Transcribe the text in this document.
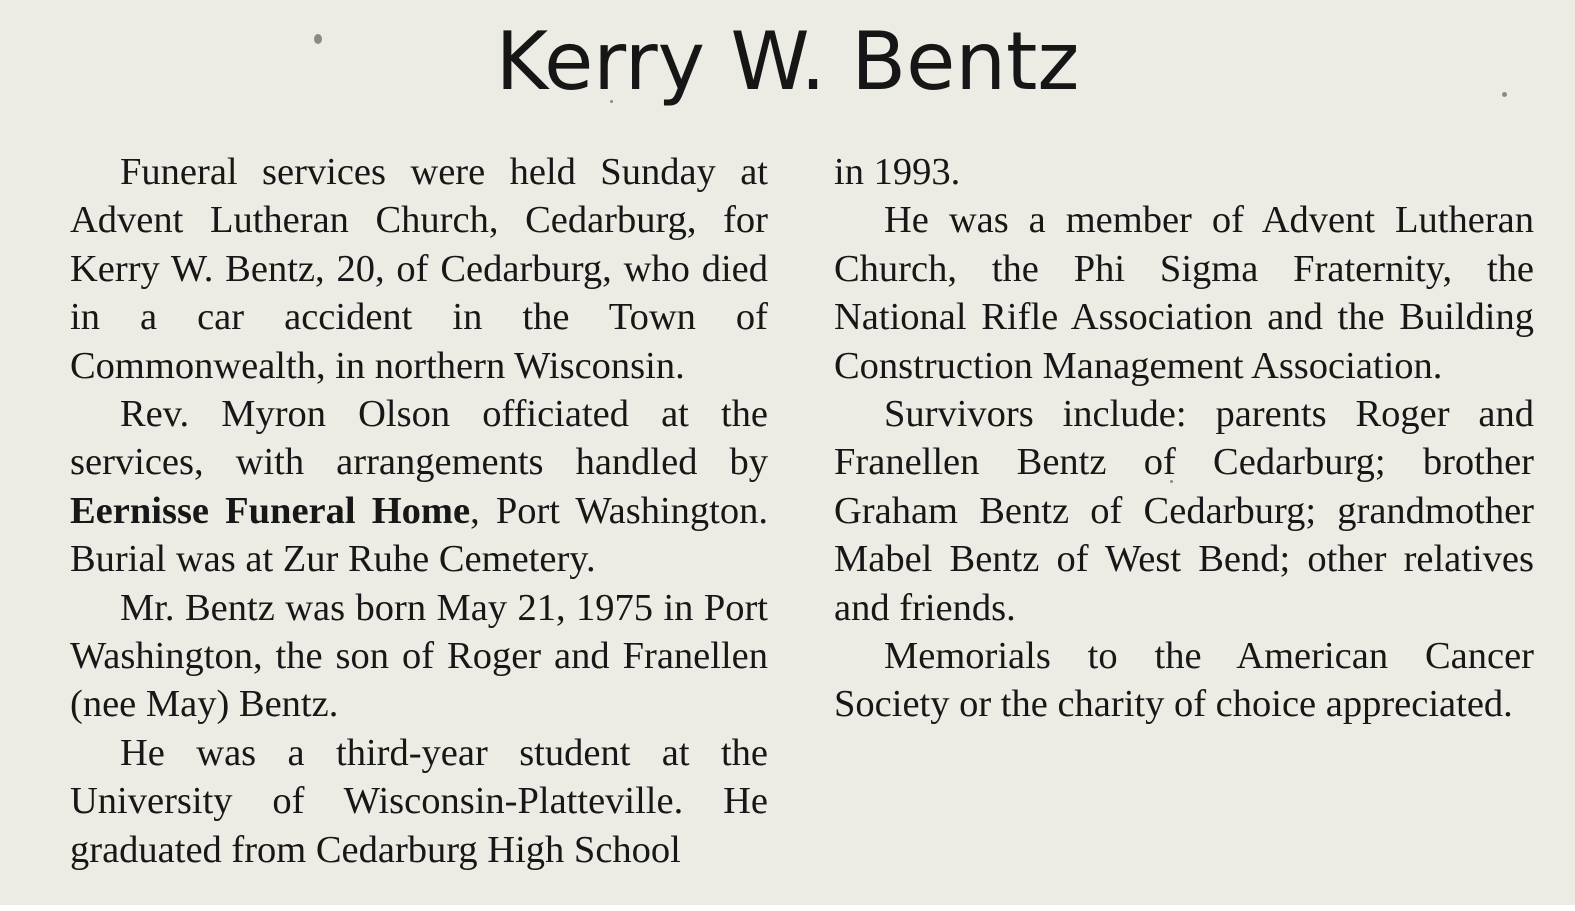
Kerry W. Bentz

Funeral services were held Sunday at Advent Lutheran Church, Cedarburg, for Kerry W. Bentz, 20, of Cedarburg, who died in a car accident in the Town of Commonwealth, in northern Wisconsin.

Rev. Myron Olson officiated at the services, with arrangements handled by Eernisse Funeral Home, Port Washington. Burial was at Zur Ruhe Cemetery.

Mr. Bentz was born May 21, 1975 in Port Washington, the son of Roger and Franellen (nee May) Bentz.

He was a third-year student at the University of Wisconsin-Platteville. He graduated from Cedarburg High School

in 1993.

He was a member of Advent Lutheran Church, the Phi Sigma Fraternity, the National Rifle Association and the Building Construction Management Association.

Survivors include: parents Roger and Franellen Bentz of Cedarburg; brother Graham Bentz of Cedarburg; grandmother Mabel Bentz of West Bend; other relatives and friends.

Memorials to the American Cancer Society or the charity of choice appreciated.
